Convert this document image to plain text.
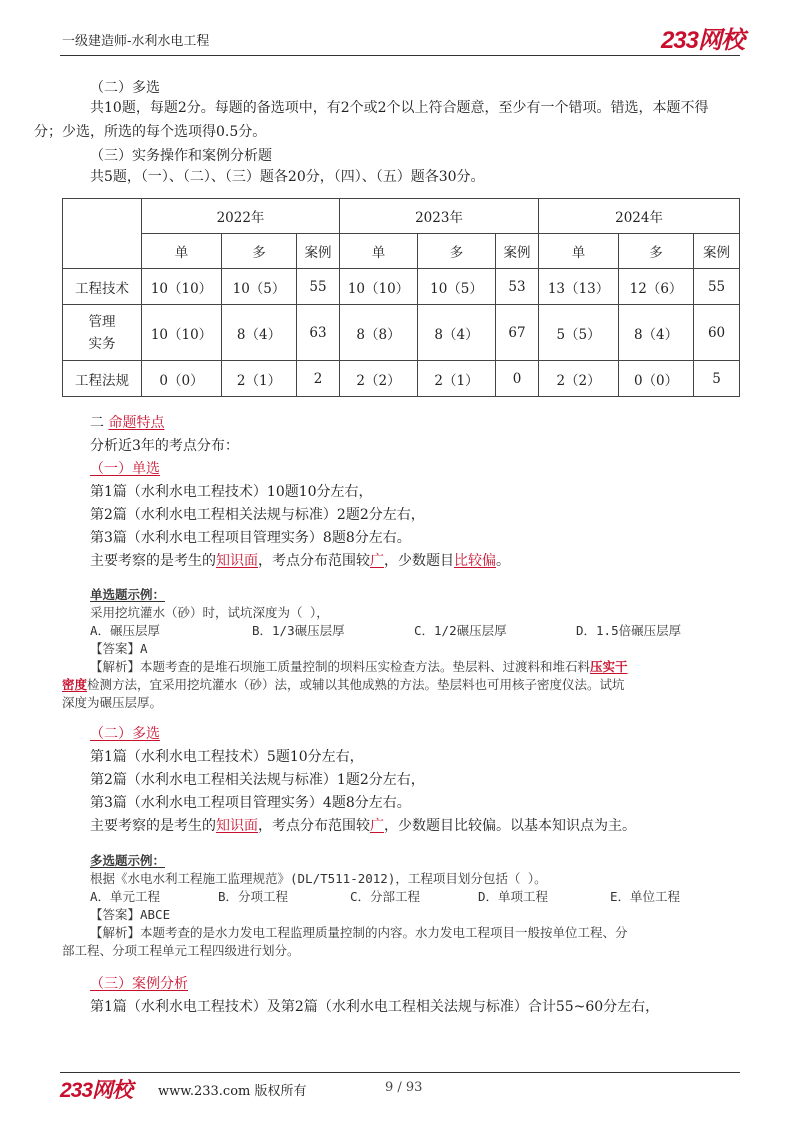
一级建造师-水利水电工程	233网校
（二）多选
共10题，每题2分。每题的备选项中，有2个或2个以上符合题意，至少有一个错项。错选，本题不得
分；少选，所选的每个选项得0.5分。
（三）实务操作和案例分析题
共5题，（一）、（二）、（三）题各20分，（四）、（五）题各30分。
	2022年			2023年			2024年		
	单	多	案例	单	多	案例	单	多	案例
工程技术	10（10）	10（5）	55	10（10）	10（5）	53	13（13）	12（6）	55
管理
实务	10（10）	8（4）	63	8（8）	8（4）	67	5（5）	8（4）	60
工程法规	0（0）	2（1）	2	2（2）	2（1）	0	2（2）	0（0）	5
二 命题特点
分析近3年的考点分布：
（一）单选
第1篇（水利水电工程技术）10题10分左右，
第2篇（水利水电工程相关法规与标准）2题2分左右，
第3篇（水利水电工程项目管理实务）8题8分左右。
主要考察的是考生的知识面，考点分布范围较广，少数题目比较偏。
单选题示例：
采用挖坑灌水（砂）时，试坑深度为（ ），
A．碾压层厚	B．1/3碾压层厚	C．1/2碾压层厚	D．1.5倍碾压层厚
【答案】A
【解析】本题考查的是堆石坝施工质量控制的坝料压实检查方法。垫层料、过渡料和堆石料压实干
密度检测方法，宜采用挖坑灌水（砂）法，或辅以其他成熟的方法。垫层料也可用核子密度仪法。试坑
深度为碾压层厚。
（二）多选
第1篇（水利水电工程技术）5题10分左右，
第2篇（水利水电工程相关法规与标准）1题2分左右，
第3篇（水利水电工程项目管理实务）4题8分左右。
主要考察的是考生的知识面，考点分布范围较广，少数题目比较偏。以基本知识点为主。
多选题示例：
根据《水电水利工程施工监理规范》(DL/T511-2012)，工程项目划分包括（ ）。
A．单元工程	B．分项工程	C．分部工程	D．单项工程	E．单位工程
【答案】ABCE
【解析】本题考查的是水力发电工程监理质量控制的内容。水力发电工程项目一般按单位工程、分
部工程、分项工程单元工程四级进行划分。
（三）案例分析
第1篇（水利水电工程技术）及第2篇（水利水电工程相关法规与标准）合计55~60分左右，
233网校 www.233.com 版权所有	9 / 93
